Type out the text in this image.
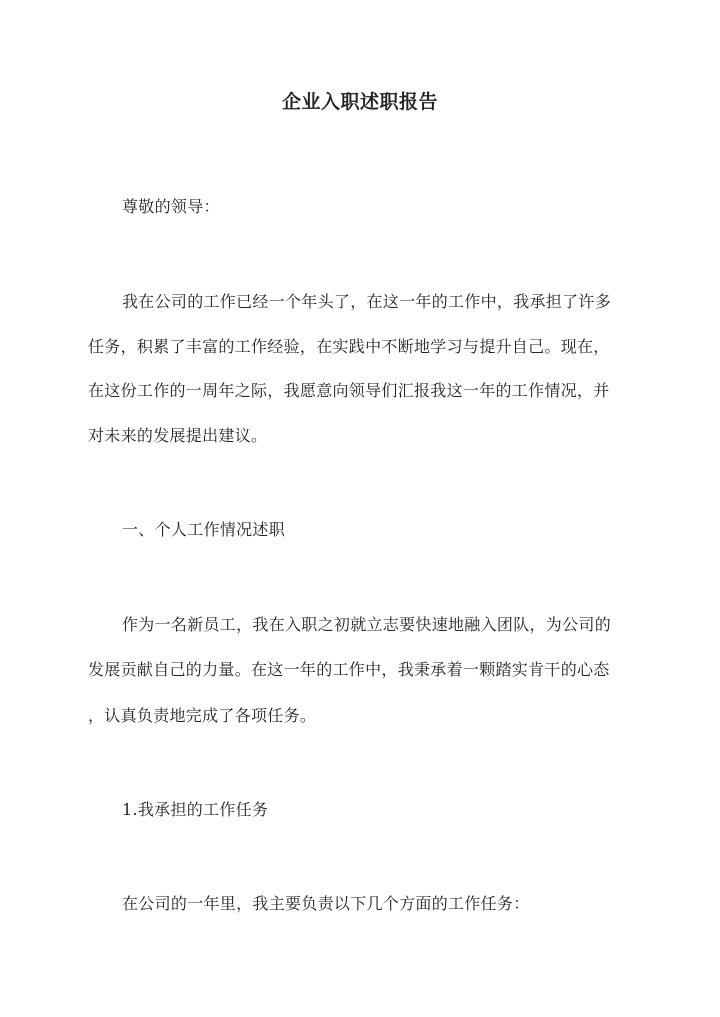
企业入职述职报告
尊敬的领导：
我在公司的工作已经一个年头了，在这一年的工作中，我承担了许多
任务，积累了丰富的工作经验，在实践中不断地学习与提升自己。现在，
在这份工作的一周年之际，我愿意向领导们汇报我这一年的工作情况，并
对未来的发展提出建议。
一、个人工作情况述职
作为一名新员工，我在入职之初就立志要快速地融入团队，为公司的
发展贡献自己的力量。在这一年的工作中，我秉承着一颗踏实肯干的心态
，认真负责地完成了各项任务。
1.我承担的工作任务
在公司的一年里，我主要负责以下几个方面的工作任务：
